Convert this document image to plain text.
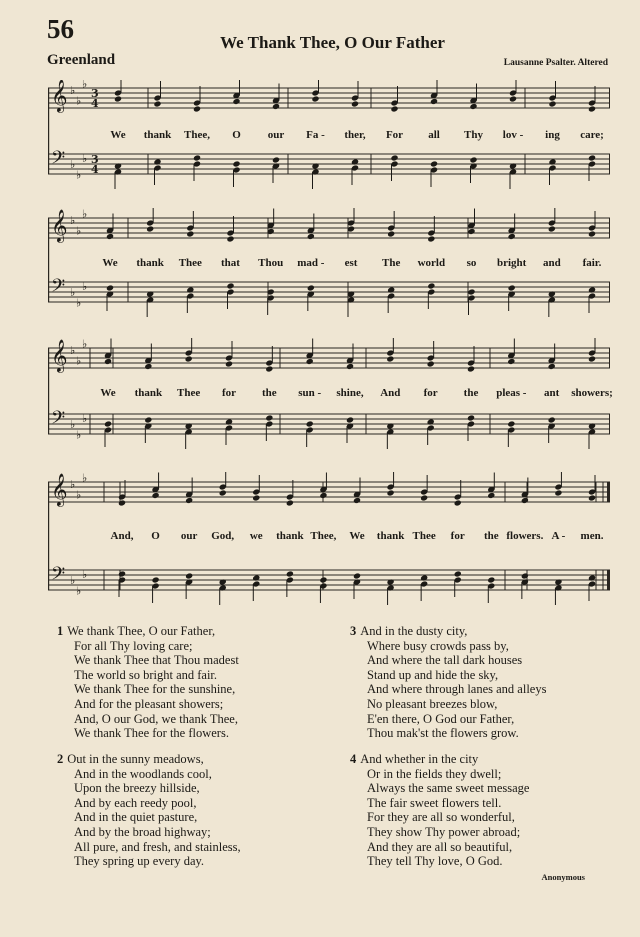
56	We Thank Thee, O Our Father
Greenland	Lausanne Psalter. Altered
𝄞
𝄢
♭
♭
♭
♭
♭
♭
3
3
4
4
We thank Thee, O our Fa - ther, For all Thy lov - ing care;
𝄞
𝄢
♭
♭
♭
♭
♭
♭
We thank Thee that Thou mad - est The world so bright and fair.
𝄞
𝄢
♭
♭
♭
♭
♭
♭
We thank Thee for the sun - shine, And for the pleas - ant showers;
𝄞
𝄢
♭
♭
♭
♭
♭
♭
And, O our God, we thank Thee, We thank Thee for the flowers. A - men.
1 We thank Thee, O our Father,
For all Thy loving care;
We thank Thee that Thou madest
The world so bright and fair.
We thank Thee for the sunshine,
And for the pleasant showers;
And, O our God, we thank Thee,
We thank Thee for the flowers.
2 Out in the sunny meadows,
And in the woodlands cool,
Upon the breezy hillside,
And by each reedy pool,
And in the quiet pasture,
And by the broad highway;
All pure, and fresh, and stainless,
They spring up every day.
3 And in the dusty city,
Where busy crowds pass by,
And where the tall dark houses
Stand up and hide the sky,
And where through lanes and alleys
No pleasant breezes blow,
E'en there, O God our Father,
Thou mak'st the flowers grow.
4 And whether in the city
Or in the fields they dwell;
Always the same sweet message
The fair sweet flowers tell.
For they are all so wonderful,
They show Thy power abroad;
And they are all so beautiful,
They tell Thy love, O God.
Anonymous
